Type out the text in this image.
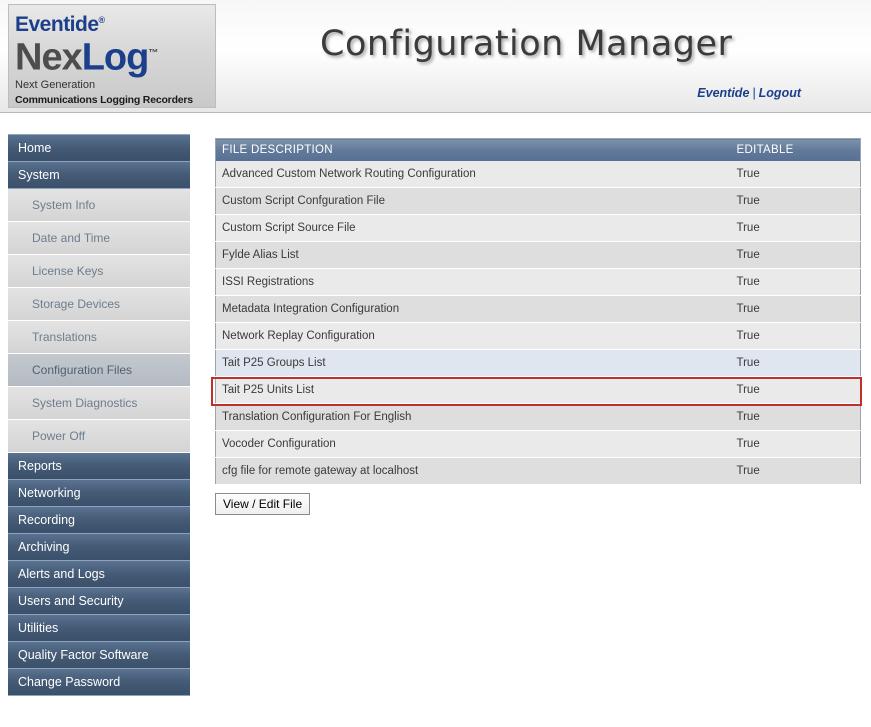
Eventide®
NexLog™
Next Generation
Communications Logging Recorders
Configuration Manager
Eventide | Logout
Home
System
System Info
Date and Time
License Keys
Storage Devices
Translations
Configuration Files
System Diagnostics
Power Off
Reports
Networking
Recording
Archiving
Alerts and Logs
Users and Security
Utilities
Quality Factor Software
Change Password
FILE DESCRIPTION	EDITABLE
Advanced Custom Network Routing Configuration	True
Custom Script Confguration File	True
Custom Script Source File	True
Fylde Alias List	True
ISSI Registrations	True
Metadata Integration Configuration	True
Network Replay Configuration	True
Tait P25 Groups List	True
Tait P25 Units List	True
Translation Configuration For English	True
Vocoder Configuration	True
cfg file for remote gateway at localhost	True
View / Edit File
